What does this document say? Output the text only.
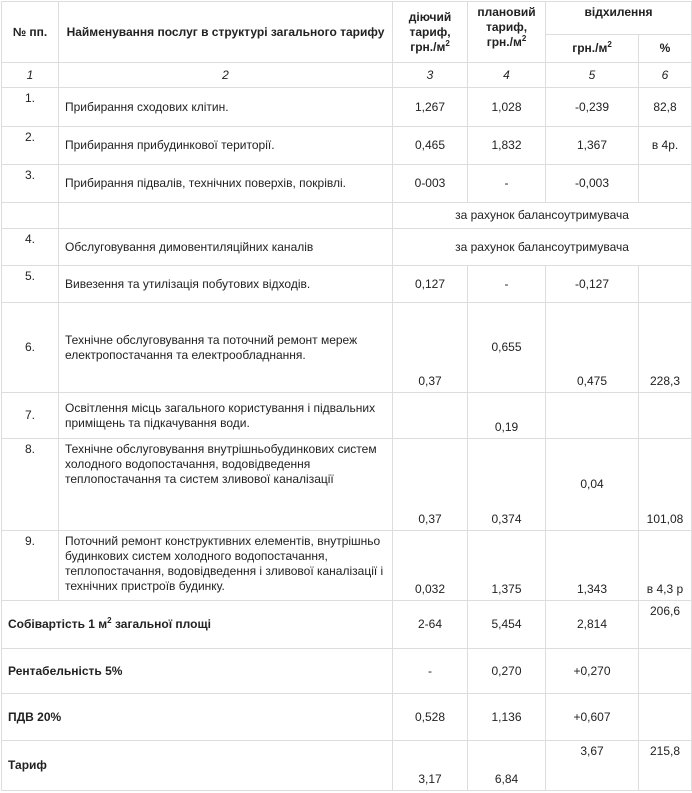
№ пп.	Найменування послуг в структурі загального тарифу	діючий тариф, $грн./м^2$	плановий тариф, $грн./м^2$	відхилення	
				$грн./м^2$	%
1	2	3	4	5	6
1.	Прибирання сходових клітин.	1,267	1,028	-0,239	82,8
2.	Прибирання прибудинкової території.	0,465	1,832	1,367	в 4р.
3.	Прибирання підвалів, технічних поверхів, покрівлі.	0-003	-	-0,003	
		за рахунок балансоутримувача			
4.	Обслуговування димовентиляційних каналів	за рахунок балансоутримувача			
5.	Вивезення та утилізація побутових відходів.	0,127	-	-0,127	
6.	Технічне обслуговування та поточний ремонт мереж електропостачання та електрообладнання.	0,37	0,655	0,475	228,3
7.	Освітлення місць загального користування і підвальних приміщень та підкачування води.		0,19		
8.	Технічне обслуговування внутрішньобудинкових систем холодного водопостачання, водовідведення теплопостачання та систем зливової каналізації	0,37	0,374	0,04	101,08
9.	Поточний ремонт конструктивних елементів, внутрішньо будинкових систем холодного водопостачання, теплопостачання, водовідведення і зливової каналізації і технічних пристроїв будинку.	0,032	1,375	1,343	в 4,3 р
Собівартість 1 $м^2$ загальної площі		2-64	5,454	2,814	206,6
Рентабельність 5%		-	0,270	+0,270	
ПДВ 20%		0,528	1,136	+0,607	
Тариф		3,17	6,84	3,67	215,8
